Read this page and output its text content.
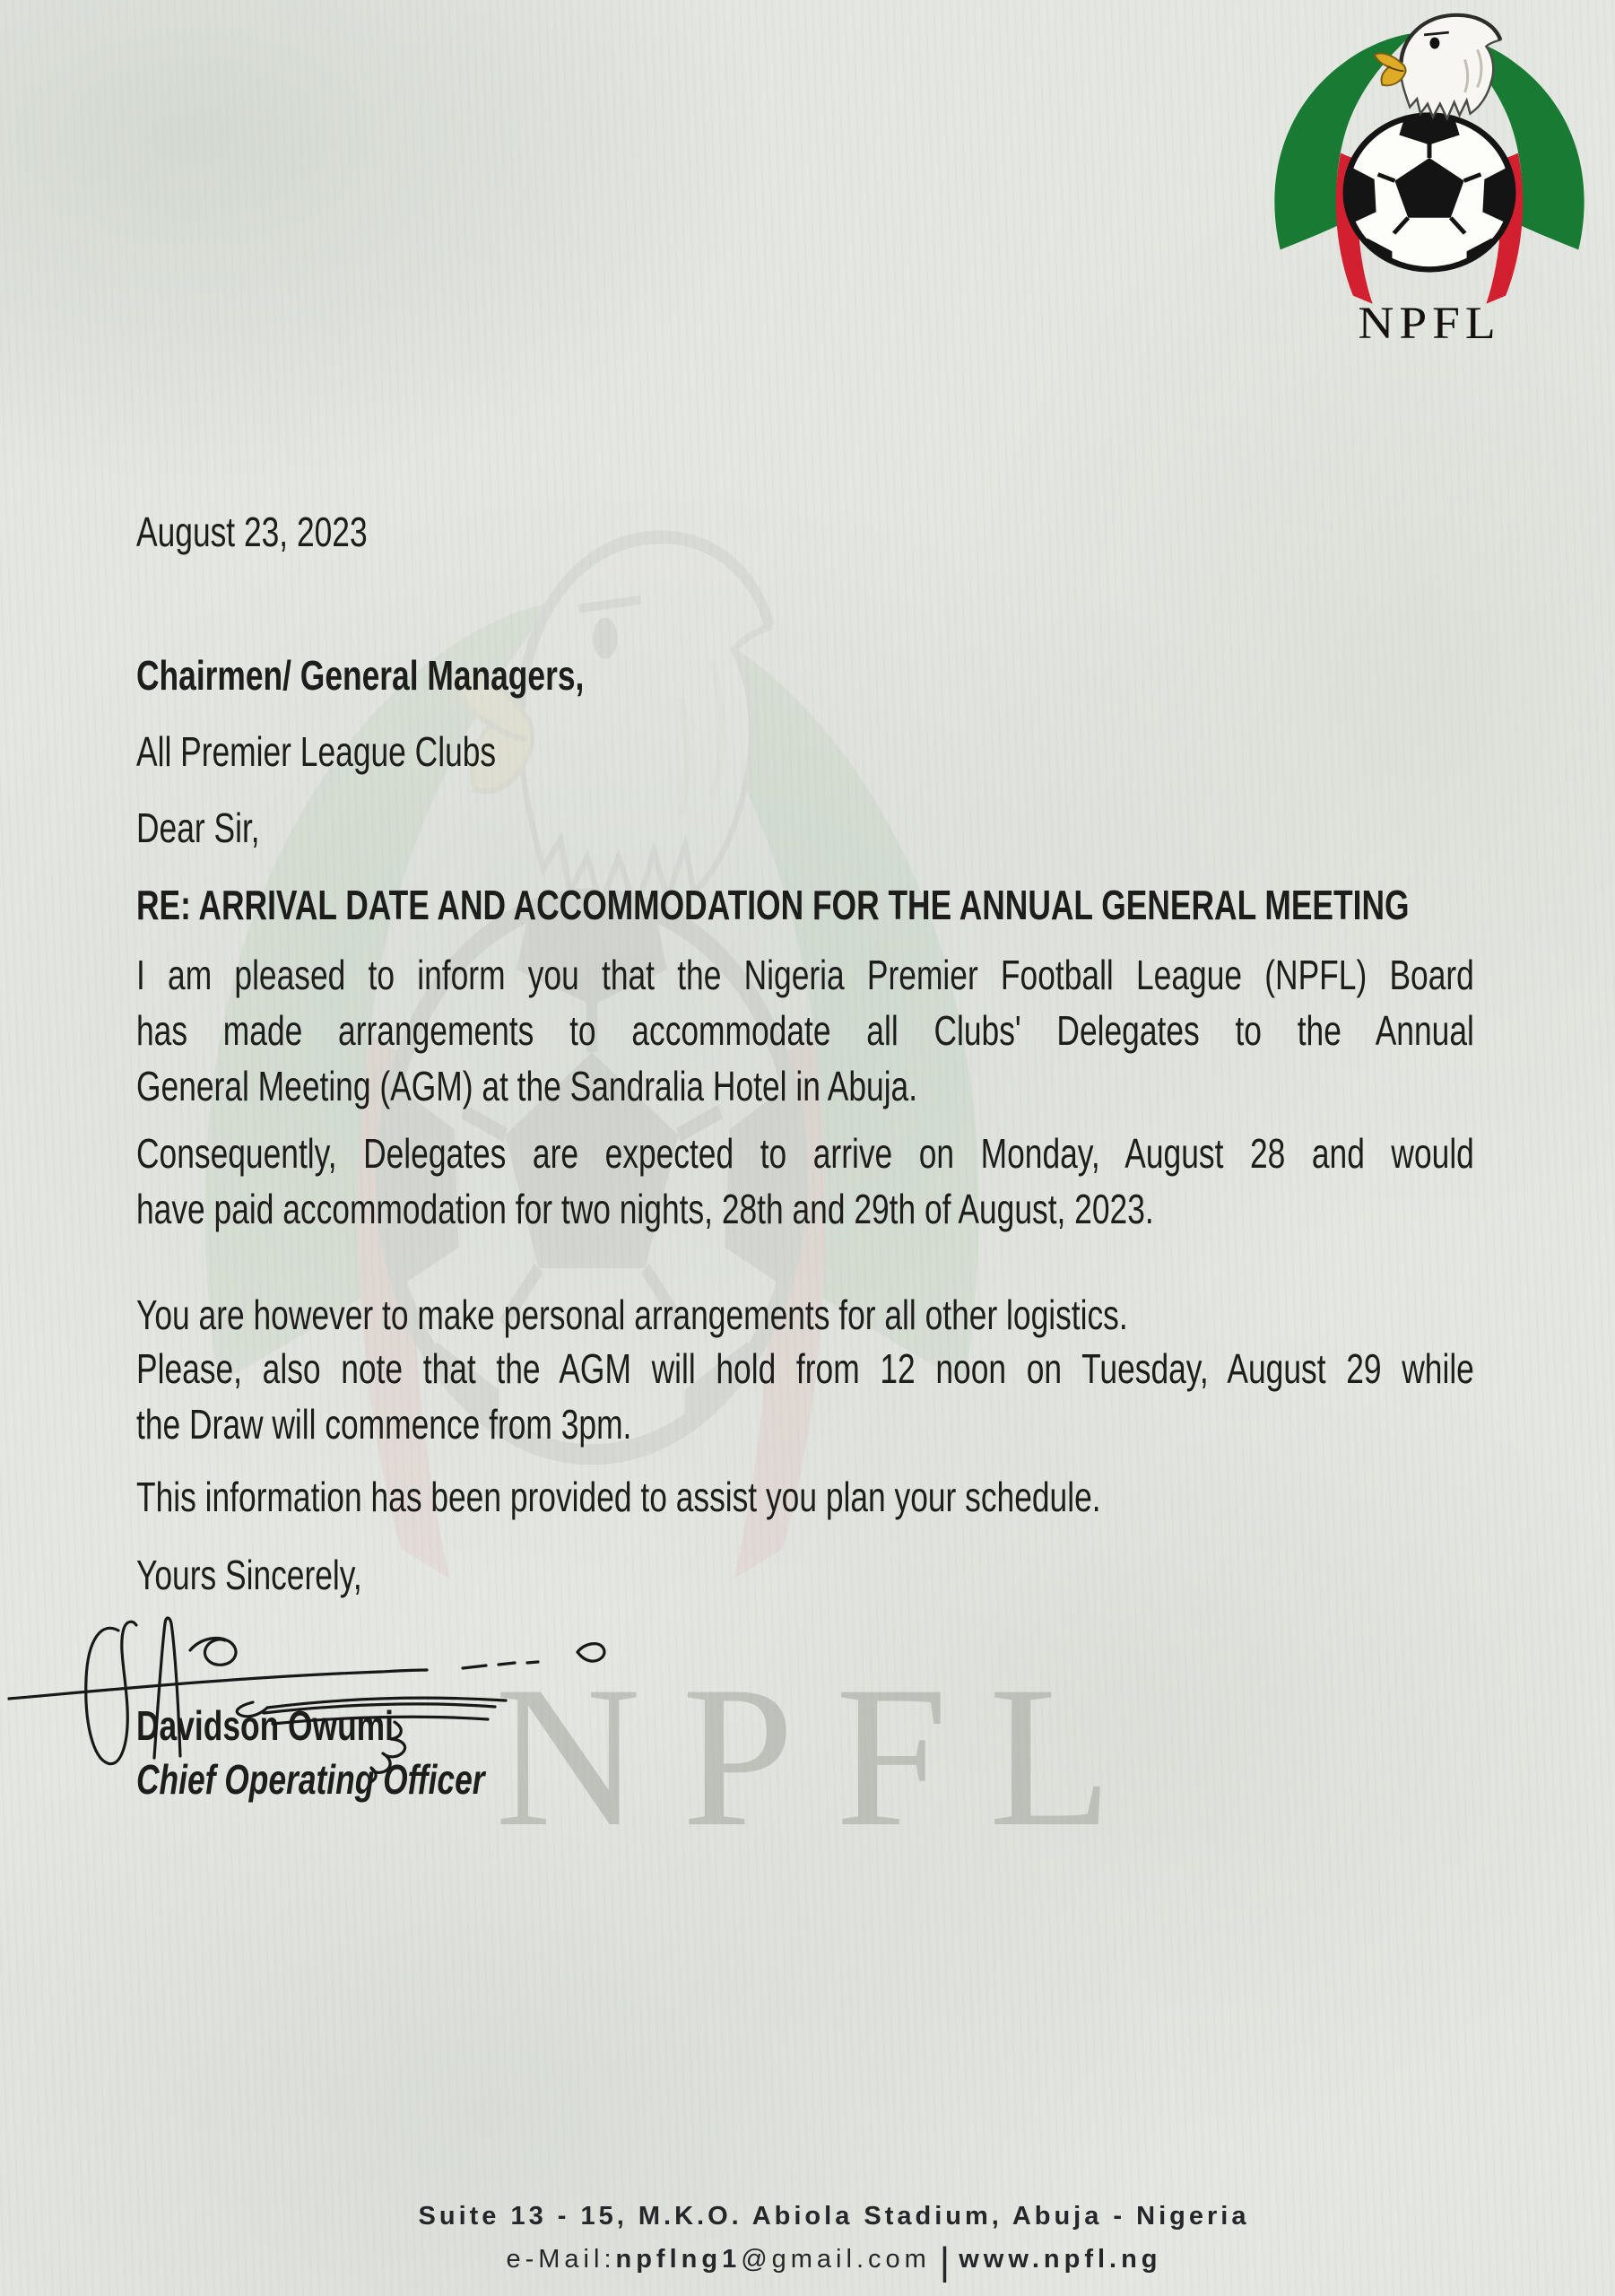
NPFL
NPFL
August 23, 2023
Chairmen/ General Managers,
All Premier League Clubs
Dear Sir,
RE: ARRIVAL DATE AND ACCOMMODATION FOR THE ANNUAL GENERAL MEETING
I am pleased to inform you that the Nigeria Premier Football League (NPFL) Board
has made arrangements to accommodate all Clubs' Delegates to the Annual
General Meeting (AGM) at the Sandralia Hotel in Abuja.
Consequently, Delegates are expected to arrive on Monday, August 28 and would
have paid accommodation for two nights, 28th and 29th of August, 2023.
You are however to make personal arrangements for all other logistics.
Please, also note that the AGM will hold from 12 noon on Tuesday, August 29 while
the Draw will commence from 3pm.
This information has been provided to assist you plan your schedule.
Yours Sincerely,
Davidson Owumi
Chief Operating Officer
Suite 13 - 15, M.K.O. Abiola Stadium, Abuja - Nigeria
e-Mail:npflng1@gmail.com | www.npfl.ng
